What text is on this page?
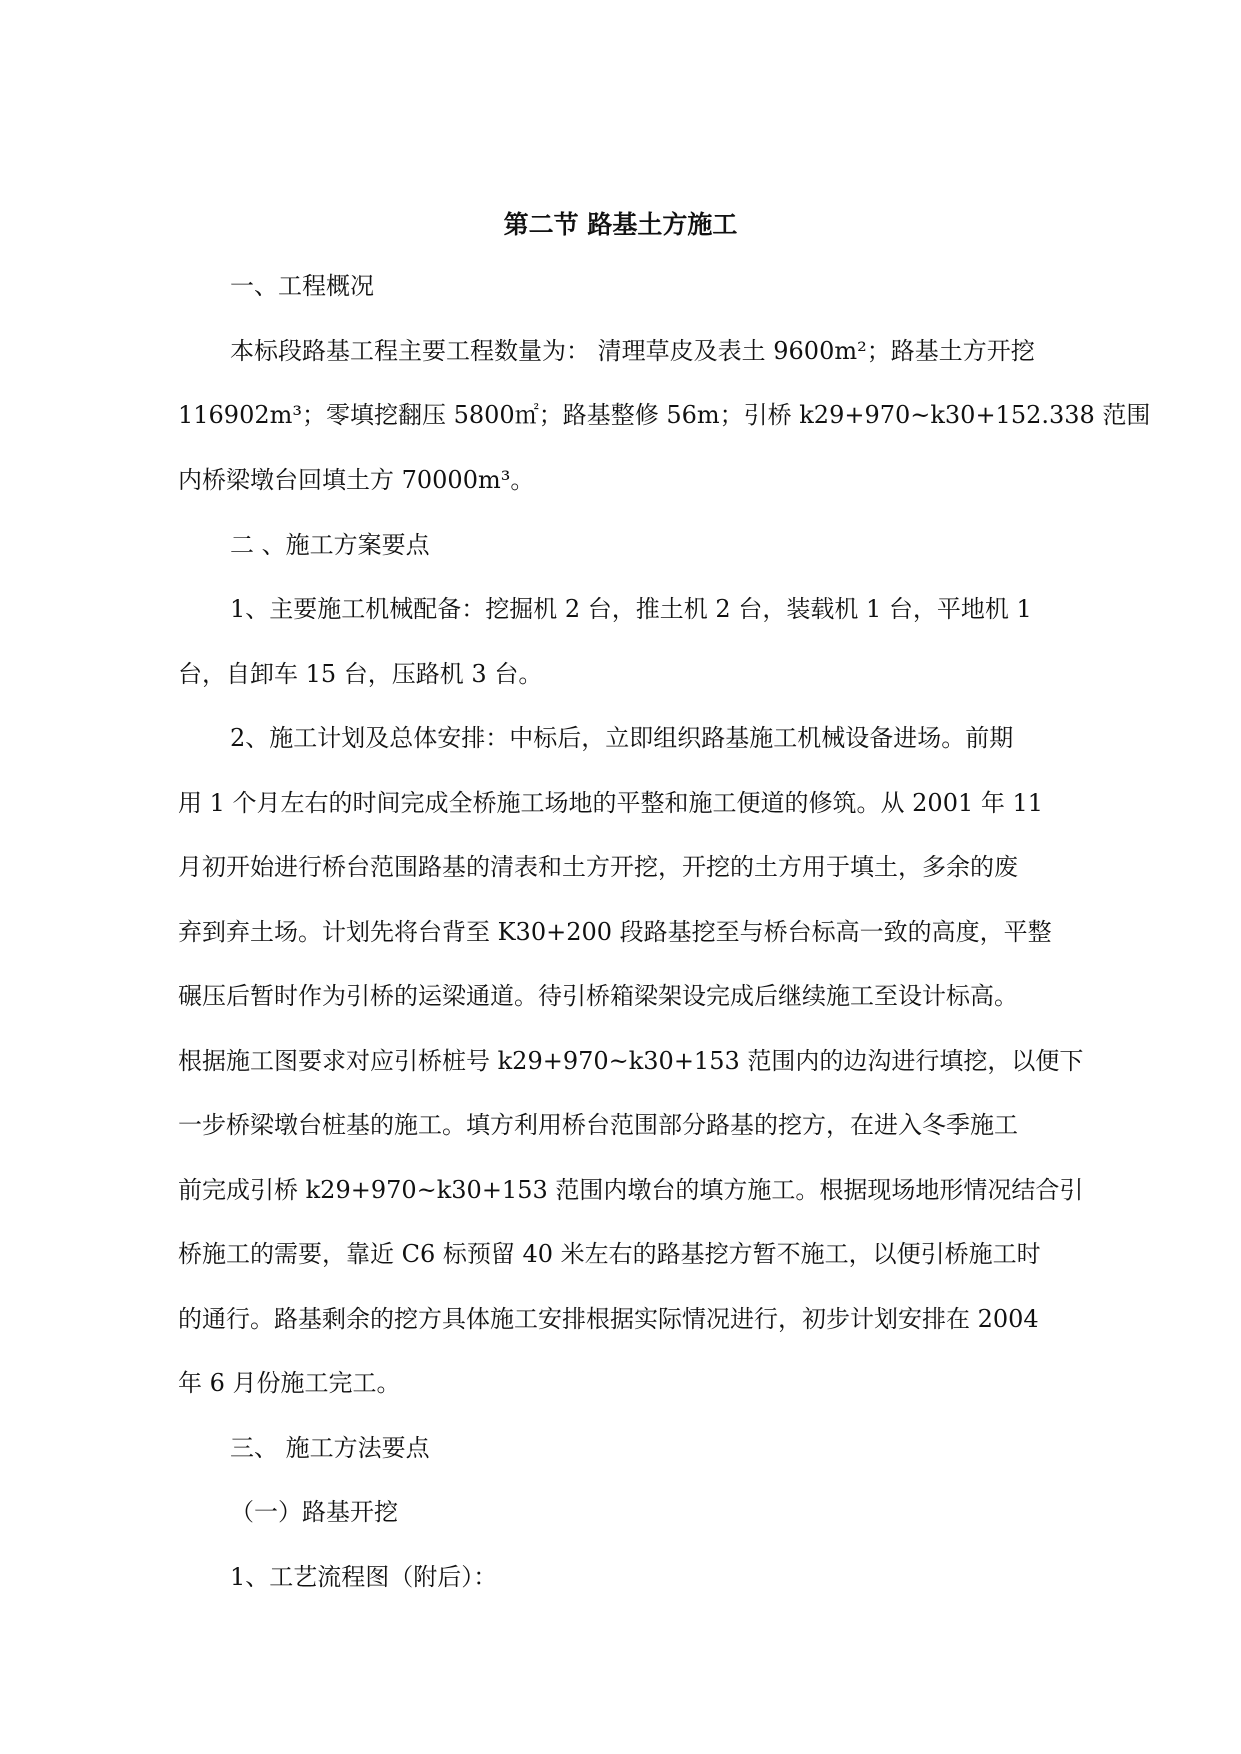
第二节 路基土方施工

一、工程概况

本标段路基工程主要工程数量为： 清理草皮及表土 9600m²；路基土方开挖

116902m³；零填挖翻压 5800㎡；路基整修 56m；引桥 k29+970~k30+152.338 范围

内桥梁墩台回填土方 70000m³。

二 、施工方案要点

1、主要施工机械配备：挖掘机 2 台，推土机 2 台，装载机 1 台，平地机 1

台，自卸车 15 台，压路机 3 台。

2、施工计划及总体安排：中标后，立即组织路基施工机械设备进场。前期

用 1 个月左右的时间完成全桥施工场地的平整和施工便道的修筑。从 2001 年 11

月初开始进行桥台范围路基的清表和土方开挖，开挖的土方用于填土，多余的废

弃到弃土场。计划先将台背至 K30+200 段路基挖至与桥台标高一致的高度，平整

碾压后暂时作为引桥的运梁通道。待引桥箱梁架设完成后继续施工至设计标高。

根据施工图要求对应引桥桩号 k29+970~k30+153 范围内的边沟进行填挖，以便下

一步桥梁墩台桩基的施工。填方利用桥台范围部分路基的挖方，在进入冬季施工

前完成引桥 k29+970~k30+153 范围内墩台的填方施工。根据现场地形情况结合引

桥施工的需要，靠近 C6 标预留 40 米左右的路基挖方暂不施工，以便引桥施工时

的通行。路基剩余的挖方具体施工安排根据实际情况进行，初步计划安排在 2004

年 6 月份施工完工。

三、 施工方法要点

（一）路基开挖

1、工艺流程图（附后）：
